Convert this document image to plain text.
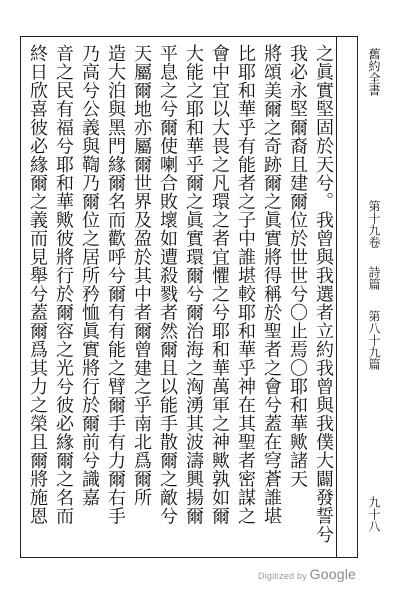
舊約全書
第十九卷
詩篇
第八十九篇
九十八
之眞實堅固於天兮。我曾與我選者立約我曾與我僕大闢發誓兮
我必永堅爾裔且建爾位於世世兮〇止焉〇耶和華歟諸天
將頌美爾之奇跡爾之眞實將得稱於聖者之會兮蓋在穹蒼誰堪
比耶和華乎有能者之子中誰堪較耶和華乎神在其聖者密謀之
會中宜以大畏之凡環之者宜懼之兮耶和華萬軍之神歟孰如爾
大能之耶和華乎爾之眞實環爾兮爾治海之洶湧其波濤興揚爾
平息之兮爾使喇合敗壞如遭殺戮者然爾且以能手散爾之敵兮
天屬爾地亦屬爾世界及盈於其中者爾曾建之乎南北爲爾所
造大泊與黑門緣爾名而歡呼兮爾有有能之臂爾手有力爾右手
乃高兮公義與鞫乃爾位之居所矜恤眞實將行於爾前兮識嘉
音之民有福兮耶和華歟彼將行於爾容之光兮彼必緣爾之名而
終日欣喜彼必緣爾之義而見舉兮蓋爾爲其力之榮且爾將施恩
Digitized by Google
